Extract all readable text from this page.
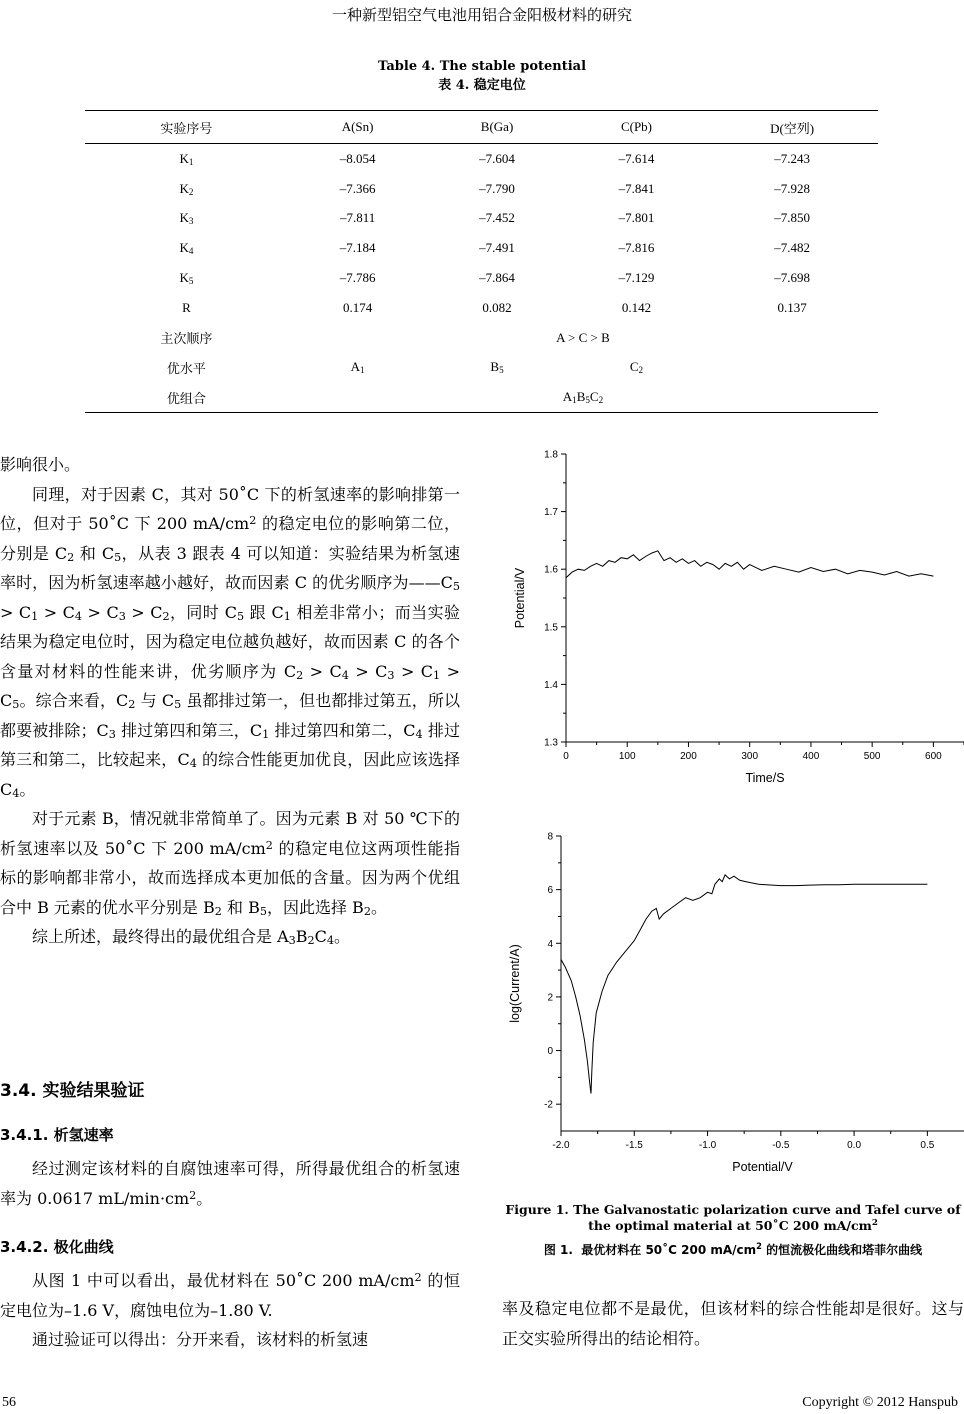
一种新型铝空气电池用铝合金阳极材料的研究
Table 4. The stable potential
表 4. 稳定电位
实验序号	A(Sn)	B(Ga)	C(Pb)	D(空列)
$K_1$	–8.054	–7.604	–7.614	–7.243
$K_2$	–7.366	–7.790	–7.841	–7.928
$K_3$	–7.811	–7.452	–7.801	–7.850
$K_4$	–7.184	–7.491	–7.816	–7.482
$K_5$	–7.786	–7.864	–7.129	–7.698
R	0.174	0.082	0.142	0.137
主次顺序	A > C > B			
优水平	$A_1$	$B_5$	$C_2$	
优组合	$A_1B_5C_2$

影响很小。

同理，对于因素 C，其对 50˚C 下的析氢速率的影响排第一位，但对于 50˚C 下 200 $mA/cm^2$ 的稳定电位的影响第二位，分别是 $C_2$ 和 $C_5$，从表 3 跟表 4 可以知道：实验结果为析氢速率时，因为析氢速率越小越好，故而因素 C 的优劣顺序为$——C_5 > C_1 > C_4 > C_3 > C_2$，同时 $C_5$ 跟 $C_1$ 相差非常小；而当实验结果为稳定电位时，因为稳定电位越负越好，故而因素 C 的各个含量对材料的性能来讲，优劣顺序为 $C_2 > C_4 > C_3 > C_1 > C_5$。综合来看，$C_2$ 与 $C_5$ 虽都排过第一，但也都排过第五，所以都要被排除；$C_3$ 排过第四和第三，$C_1$ 排过第四和第二，$C_4$ 排过第三和第二，比较起来，$C_4$ 的综合性能更加优良，因此应该选择 $C_4$。

对于元素 B，情况就非常简单了。因为元素 B 对 50 ℃下的析氢速率以及 50˚C 下 200 $mA/cm^2$ 的稳定电位这两项性能指标的影响都非常小，故而选择成本更加低的含量。因为两个优组合中 B 元素的优水平分别是 $B_2$ 和 $B_5$，因此选择 $B_2$。

综上所述，最终得出的最优组合是 $A_3B_2C_4$。

3.4. 实验结果验证
3.4.1. 析氢速率

经过测定该材料的自腐蚀速率可得，所得最优组合的析氢速率为 0.0617 $mL/\min\cdot cm^2$。

3.4.2. 极化曲线

从图 1 中可以看出，最优材料在 50˚C 200 $mA/cm^2$ 的恒定电位为–1.6 V，腐蚀电位为–1.80 V.

通过验证可以得出：分开来看，该材料的析氢速

0	100	200	300	400	500	600
1.3
1.4
1.5
1.6
1.7
1.8
Time/S
Potential/V
-2.0	-1.5	-1.0	-0.5	0.0	0.5
-2
0
2
4
6
8
Potential/V
log(Current/A)
Figure 1. The Galvanostatic polarization curve and Tafel curve of the optimal material at 50˚C 200 $mA/cm^2$
图 1.  最优材料在 50˚C 200 $mA/cm^2$ 的恒流极化曲线和塔菲尔曲线
率及稳定电位都不是最优，但该材料的综合性能却是很好。这与正交实验所得出的结论相符。
56	Copyright © 2012 Hanspub
